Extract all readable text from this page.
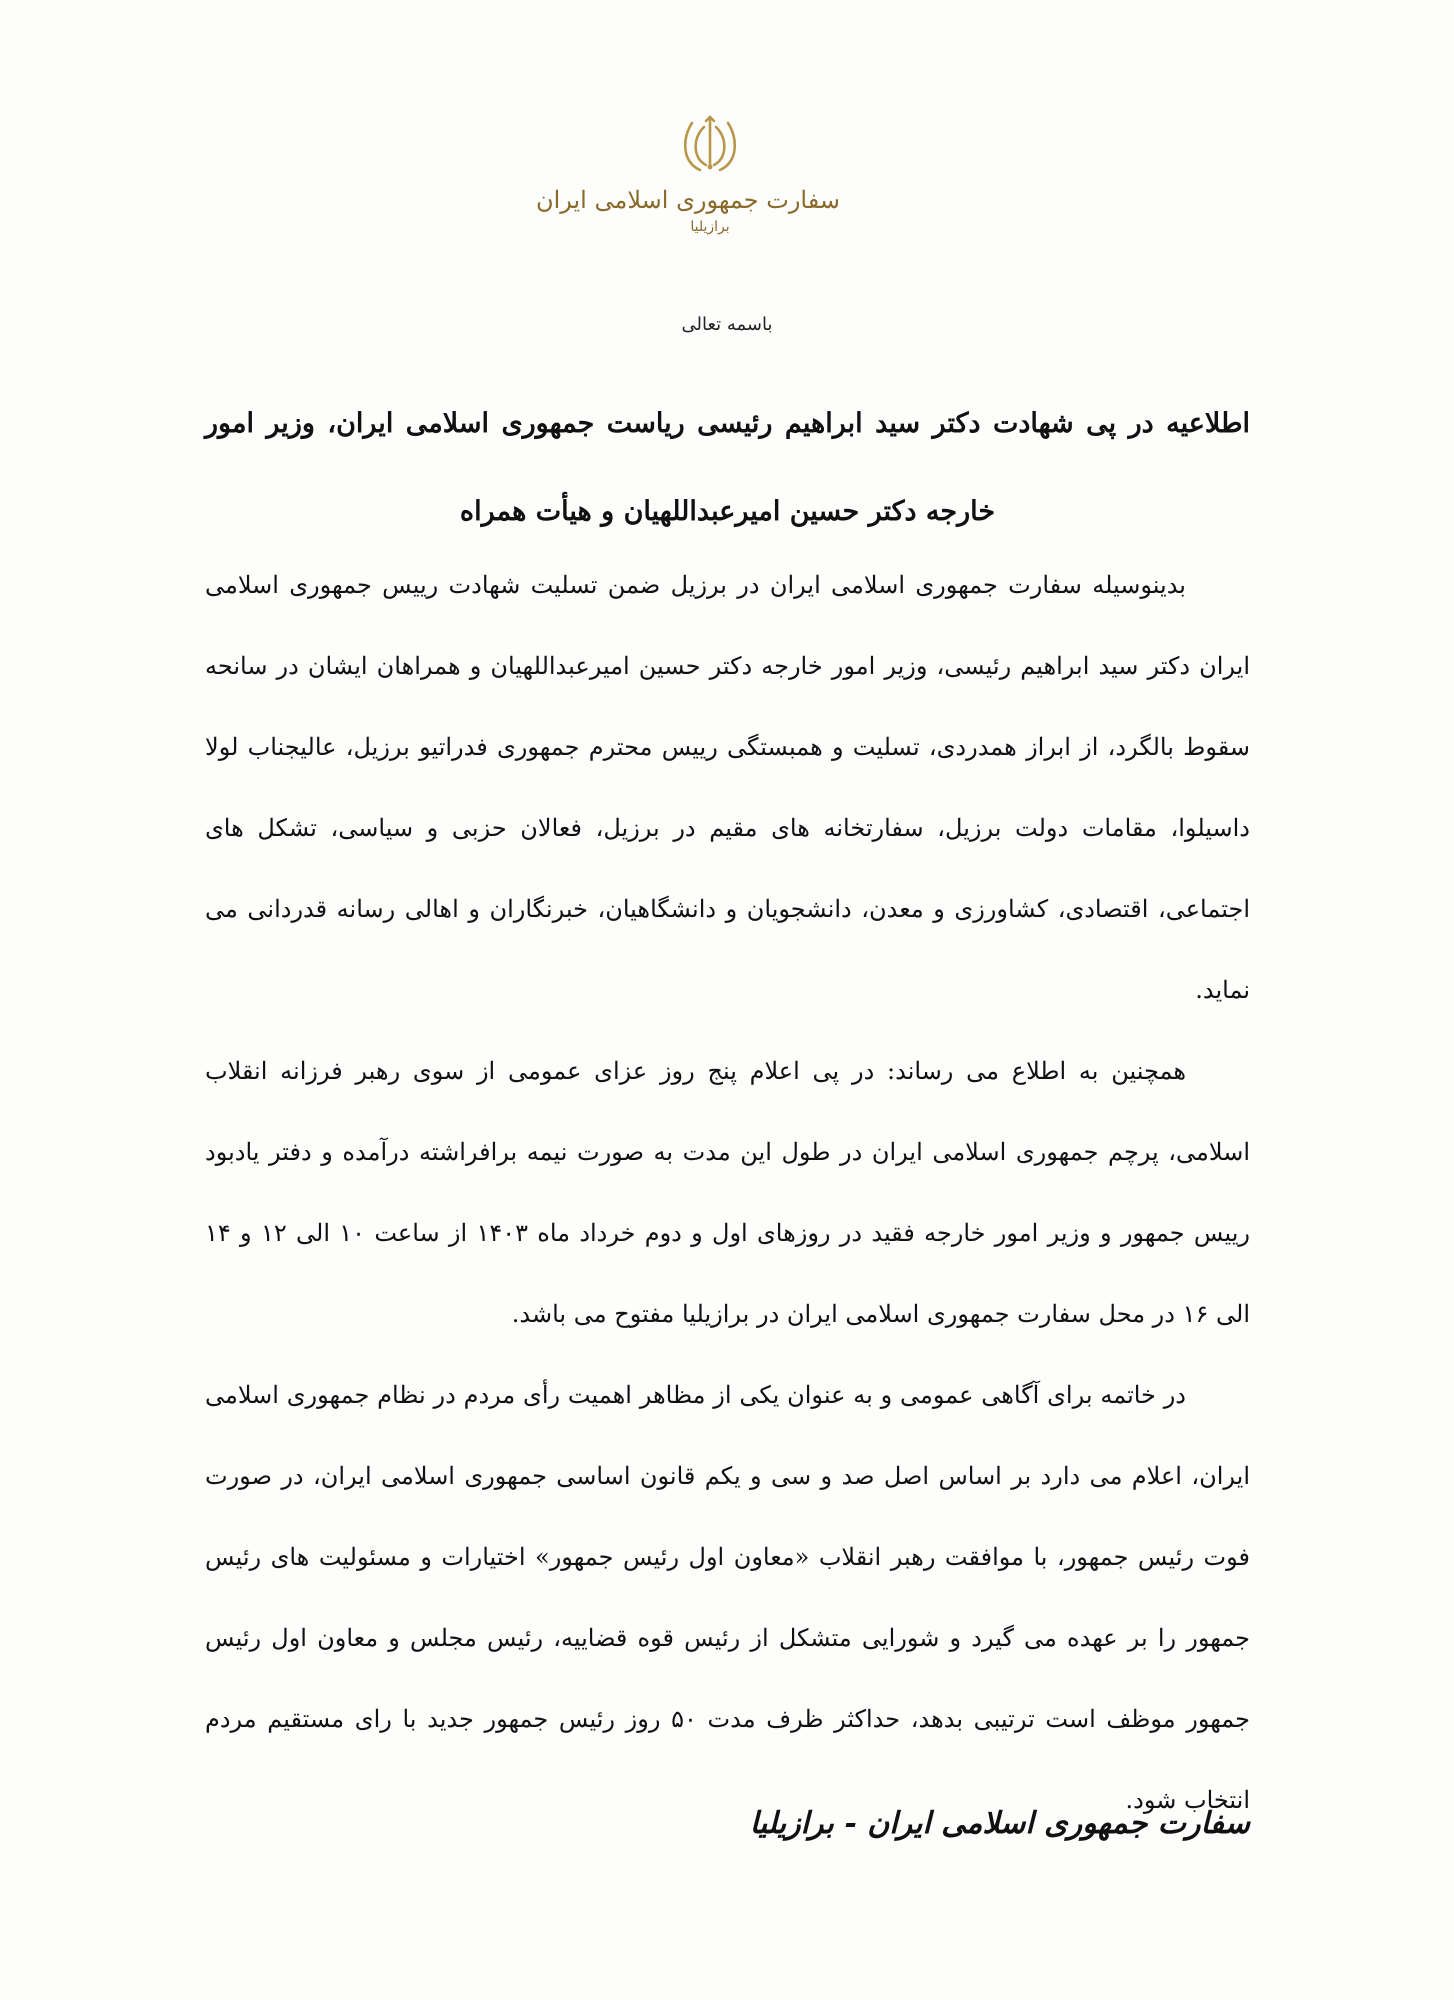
سفارت جمهوری اسلامی ایران
برازیلیا
باسمه تعالی
اطلاعیه در پی شهادت دکتر سید ابراهیم رئیسی ریاست جمهوری اسلامی ایران، وزیر امور خارجه دکتر حسین امیرعبداللهیان و هیأت همراه

بدینوسیله سفارت جمهوری اسلامی ایران در برزیل ضمن تسلیت شهادت رییس جمهوری اسلامی ایران دکتر سید ابراهیم رئیسی، وزیر امور خارجه دکتر حسین امیرعبداللهیان و همراهان ایشان در سانحه سقوط بالگرد، از ابراز همدردی، تسلیت و همبستگی رییس محترم جمهوری فدراتیو برزیل، عالیجناب لولا داسیلوا، مقامات دولت برزیل، سفارتخانه های مقیم در برزیل، فعالان حزبی و سیاسی، تشکل های اجتماعی، اقتصادی، کشاورزی و معدن، دانشجویان و دانشگاهیان، خبرنگاران و اهالی رسانه قدردانی می نماید.

همچنین به اطلاع می رساند: در پی اعلام پنج روز عزای عمومی از سوی رهبر فرزانه انقلاب اسلامی، پرچم جمهوری اسلامی ایران در طول این مدت به صورت نیمه برافراشته درآمده و دفتر یادبود رییس جمهور و وزیر امور خارجه فقید در روزهای اول و دوم خرداد ماه ۱۴۰۳ از ساعت ۱۰ الی ۱۲ و ۱۴ الی ۱۶ در محل سفارت جمهوری اسلامی ایران در برازیلیا مفتوح می باشد.

در خاتمه برای آگاهی عمومی و به عنوان یکی از مظاهر اهمیت رأی مردم در نظام جمهوری اسلامی ایران، اعلام می دارد بر اساس اصل صد و سی و یکم قانون اساسی جمهوری اسلامی ایران، در صورت فوت رئیس جمهور، با موافقت رهبر انقلاب «معاون اول رئیس جمهور» اختیارات و مسئولیت های رئیس جمهور را بر عهده می گیرد و شورایی متشکل از رئیس قوه قضاییه، رئیس مجلس و معاون اول رئیس جمهور موظف است ترتیبی بدهد، حداکثر ظرف مدت ۵۰ روز رئیس جمهور جدید با رای مستقیم مردم انتخاب شود.

سفارت جمهوری اسلامی ایران - برازیلیا
